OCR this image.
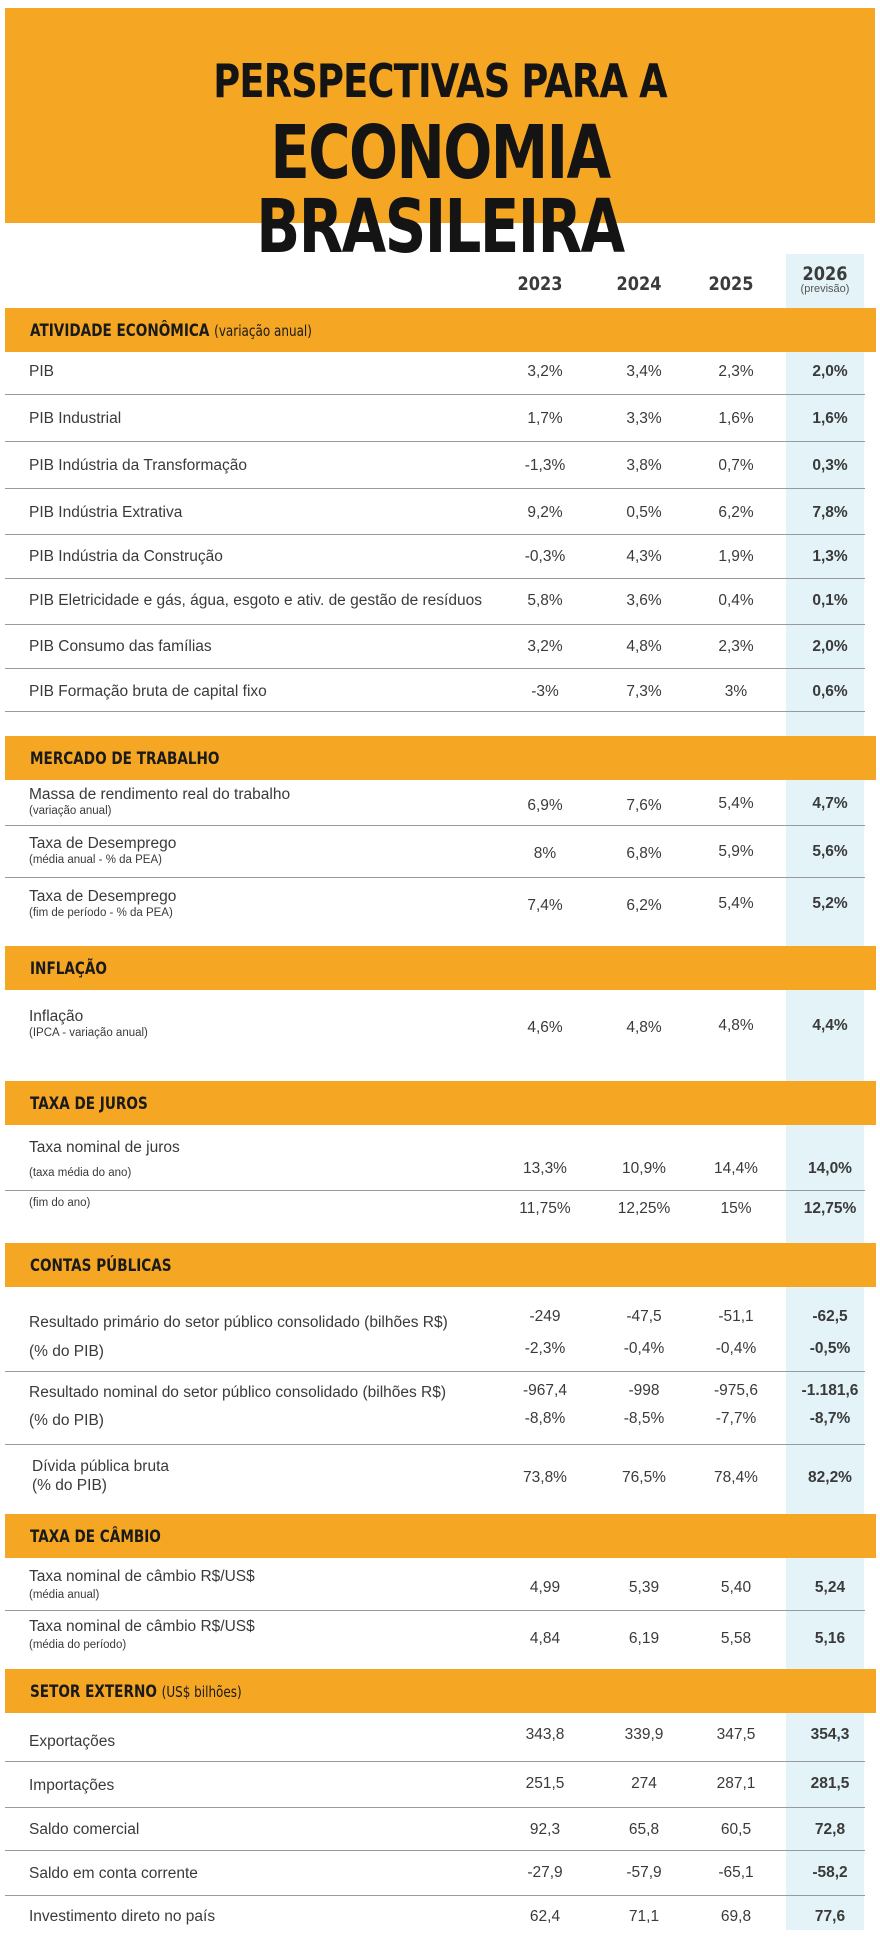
PERSPECTIVAS PARA A
ECONOMIA BRASILEIRA
2023	2024	2025	2026
(previsão)
ATIVIDADE ECONÔMICA (variação anual)
PIB	3,2%	3,4%	2,3%	2,0%
PIB Industrial	1,7%	3,3%	1,6%	1,6%
PIB Indústria da Transformação	-1,3%	3,8%	0,7%	0,3%
PIB Indústria Extrativa	9,2%	0,5%	6,2%	7,8%
PIB Indústria da Construção	-0,3%	4,3%	1,9%	1,3%
PIB Eletricidade e gás, água, esgoto e ativ. de gestão de resíduos	5,8%	3,6%	0,4%	0,1%
PIB Consumo das famílias	3,2%	4,8%	2,3%	2,0%
PIB Formação bruta de capital fixo	-3%	7,3%	3%	0,6%
MERCADO DE TRABALHO
Massa de rendimento real do trabalho
(variação anual)	6,9%	7,6%	5,4%	4,7%
Taxa de Desemprego
(média anual - % da PEA)	8%	6,8%	5,9%	5,6%
Taxa de Desemprego
(fim de período - % da PEA)	7,4%	6,2%	5,4%	5,2%
INFLAÇÃO
Inflação
(IPCA - variação anual)	4,6%	4,8%	4,8%	4,4%
TAXA DE JUROS
Taxa nominal de juros
(taxa média do ano)	13,3%	10,9%	14,4%	14,0%
(fim do ano)	11,75%	12,25%	15%	12,75%
CONTAS PÚBLICAS
Resultado primário do setor público consolidado (bilhões R$)	-249	-47,5	-51,1	-62,5
(% do PIB)	-2,3%	-0,4%	-0,4%	-0,5%
Resultado nominal do setor público consolidado (bilhões R$)	-967,4	-998	-975,6	-1.181,6
(% do PIB)	-8,8%	-8,5%	-7,7%	-8,7%
Dívida pública bruta
(% do PIB)	73,8%	76,5%	78,4%	82,2%
TAXA DE CÂMBIO
Taxa nominal de câmbio R$/US$
(média anual)	4,99	5,39	5,40	5,24
Taxa nominal de câmbio R$/US$
(média do período)	4,84	6,19	5,58	5,16
SETOR EXTERNO (US$ bilhões)
Exportações	343,8	339,9	347,5	354,3
Importações	251,5	274	287,1	281,5
Saldo comercial	92,3	65,8	60,5	72,8
Saldo em conta corrente	-27,9	-57,9	-65,1	-58,2
Investimento direto no país	62,4	71,1	69,8	77,6
